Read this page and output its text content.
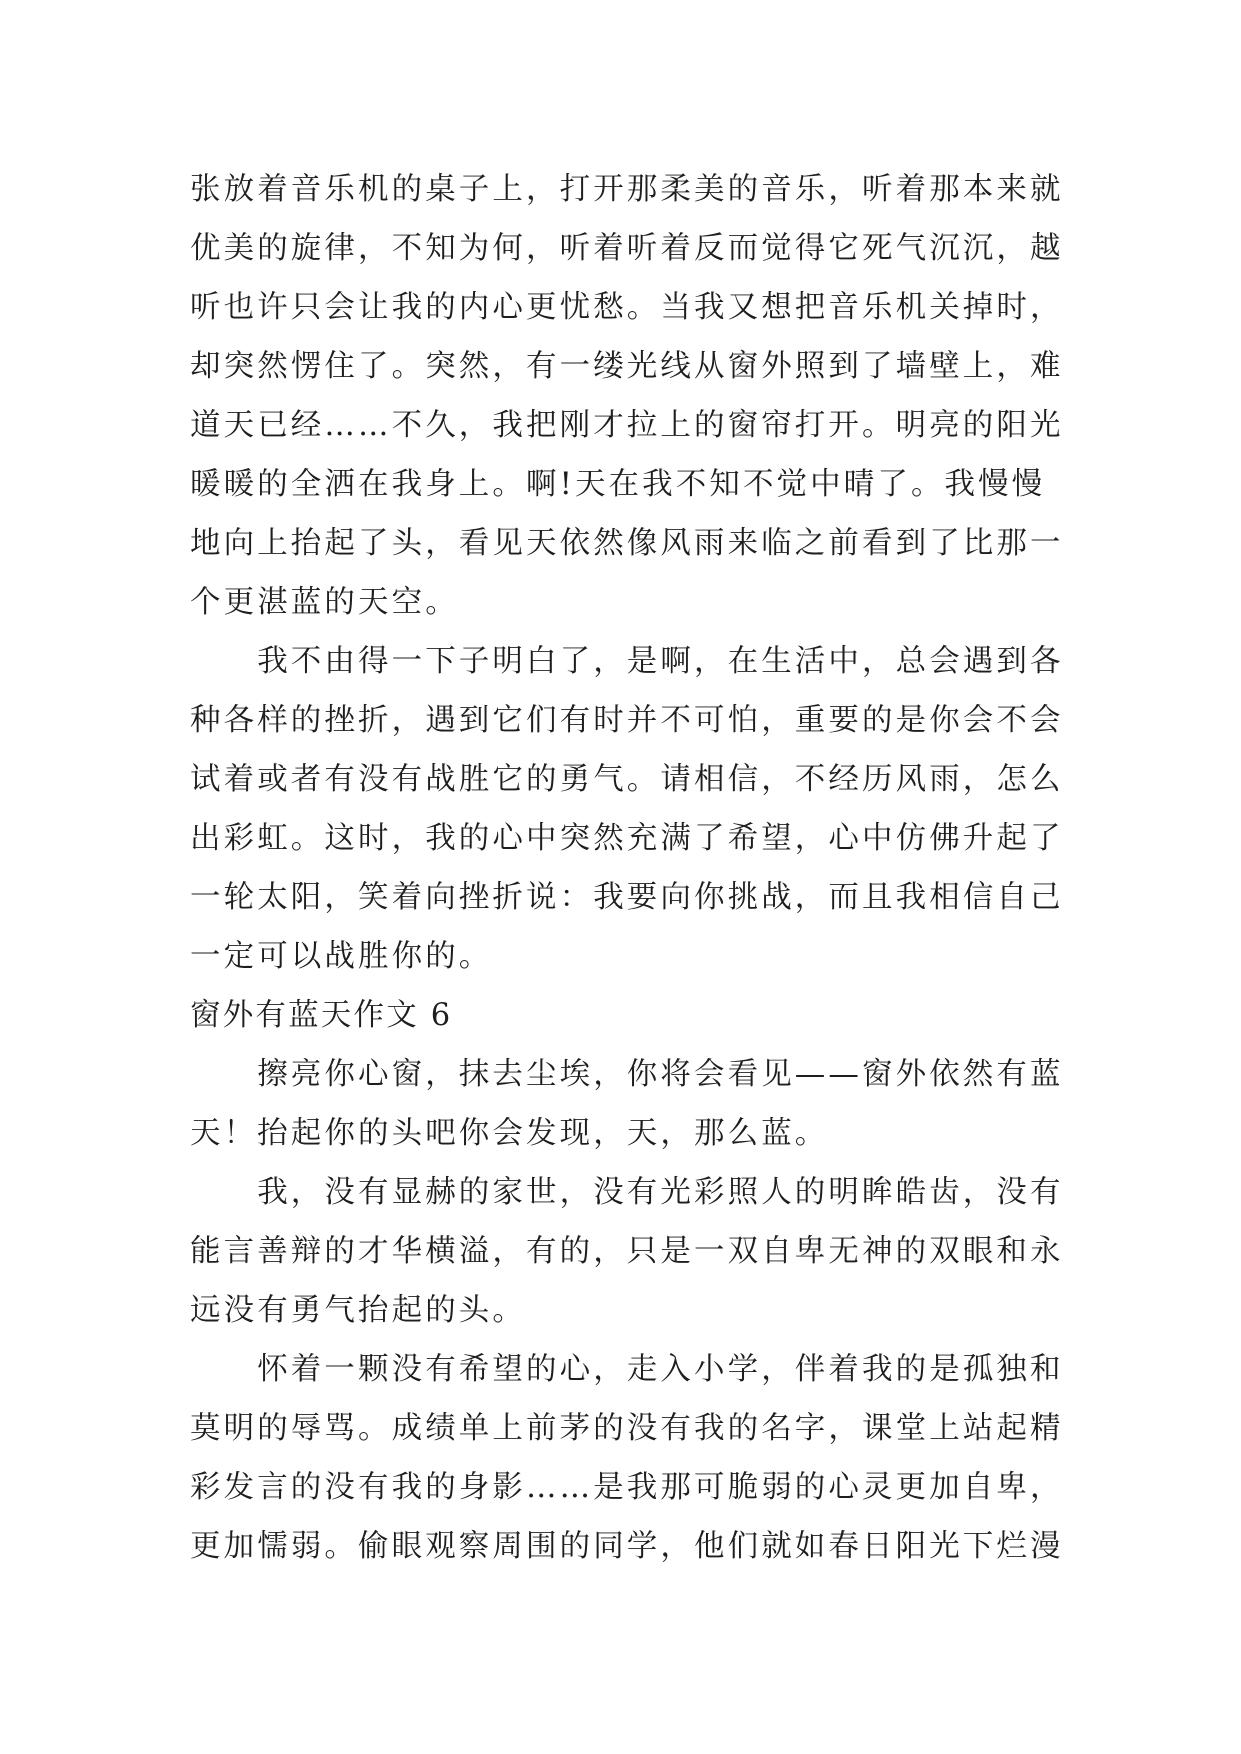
张放着音乐机的桌子上，打开那柔美的音乐，听着那本来就
优美的旋律，不知为何，听着听着反而觉得它死气沉沉，越
听也许只会让我的内心更忧愁。当我又想把音乐机关掉时，
却突然愣住了。突然，有一缕光线从窗外照到了墙壁上，难
道天已经……不久，我把刚才拉上的窗帘打开。明亮的阳光
暖暖的全洒在我身上。啊!天在我不知不觉中晴了。我慢慢
地向上抬起了头，看见天依然像风雨来临之前看到了比那一
个更湛蓝的天空。
　　我不由得一下子明白了，是啊，在生活中，总会遇到各
种各样的挫折，遇到它们有时并不可怕，重要的是你会不会
试着或者有没有战胜它的勇气。请相信，不经历风雨，怎么
出彩虹。这时，我的心中突然充满了希望，心中仿佛升起了
一轮太阳，笑着向挫折说：我要向你挑战，而且我相信自己
一定可以战胜你的。
窗外有蓝天作文 6
　　擦亮你心窗，抹去尘埃，你将会看见——窗外依然有蓝
天！抬起你的头吧你会发现，天，那么蓝。
　　我，没有显赫的家世，没有光彩照人的明眸皓齿，没有
能言善辩的才华横溢，有的，只是一双自卑无神的双眼和永
远没有勇气抬起的头。
　　怀着一颗没有希望的心，走入小学，伴着我的是孤独和
莫明的辱骂。成绩单上前茅的没有我的名字，课堂上站起精
彩发言的没有我的身影……是我那可脆弱的心灵更加自卑，
更加懦弱。偷眼观察周围的同学，他们就如春日阳光下烂漫
